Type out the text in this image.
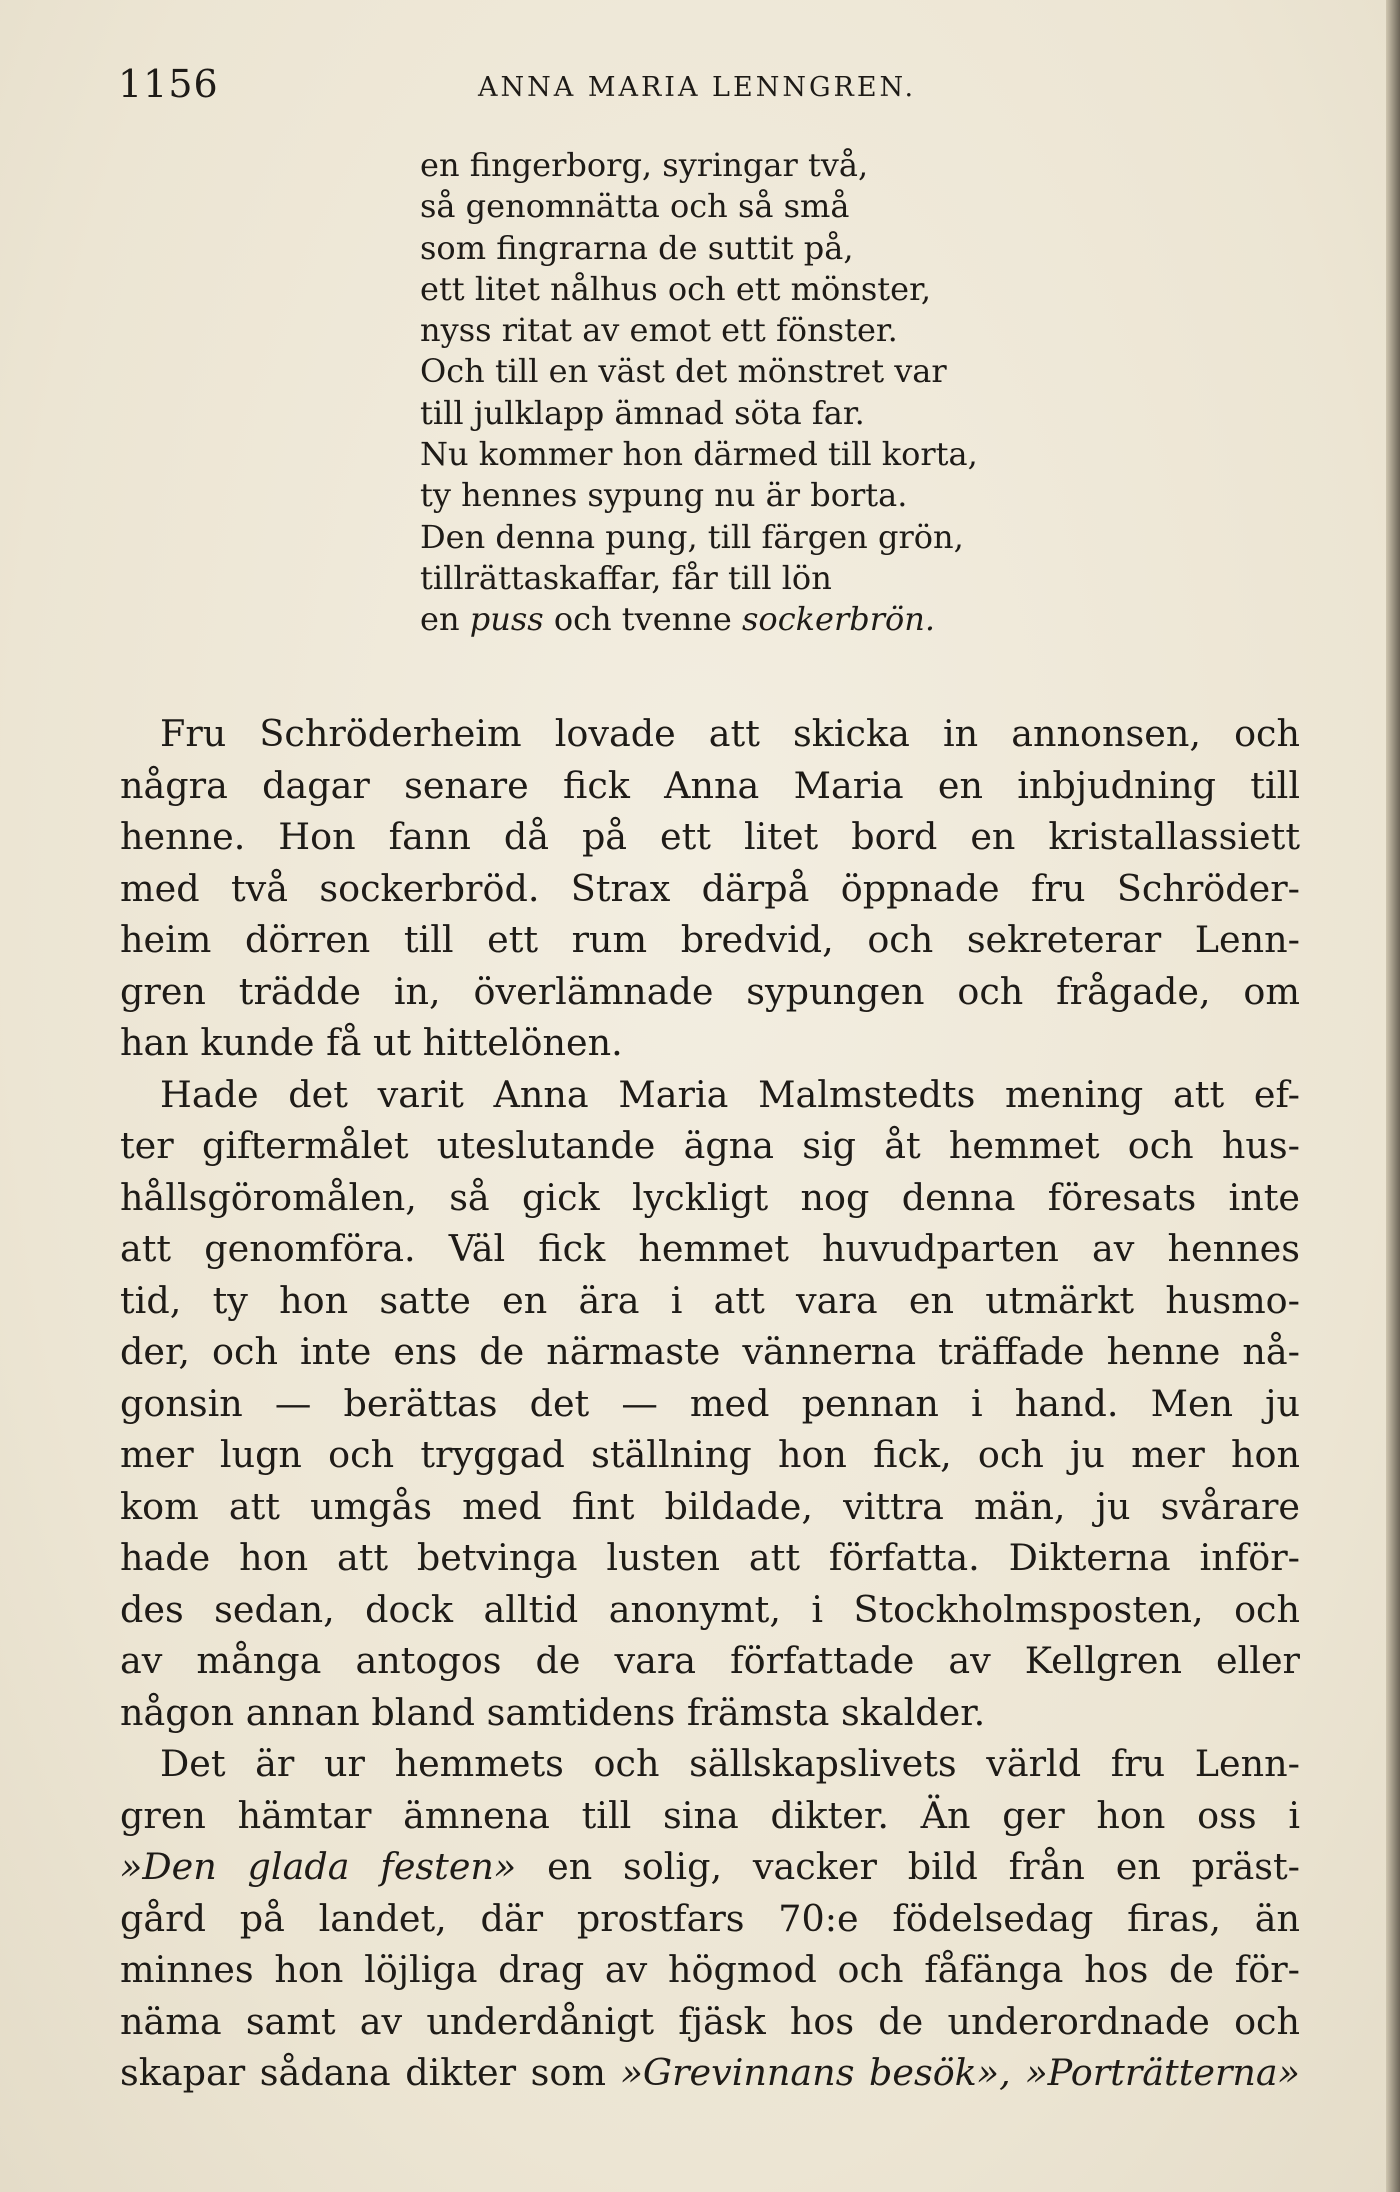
1156	ANNA MARIA LENNGREN.
en fingerborg, syringar två,
så genomnätta och så små
som fingrarna de suttit på,
ett litet nålhus och ett mönster,
nyss ritat av emot ett fönster.
Och till en väst det mönstret var
till julklapp ämnad söta far.
Nu kommer hon därmed till korta,
ty hennes sypung nu är borta.
Den denna pung, till färgen grön,
tillrättaskaffar, får till lön
en puss och tvenne sockerbrön.
Fru Schröderheim lovade att skicka in annonsen, och
några dagar senare fick Anna Maria en inbjudning till
henne. Hon fann då på ett litet bord en kristallassiett
med två sockerbröd. Strax därpå öppnade fru Schröder-
heim dörren till ett rum bredvid, och sekreterar Lenn-
gren trädde in, överlämnade sypungen och frågade, om
han kunde få ut hittelönen.
Hade det varit Anna Maria Malmstedts mening att ef-
ter giftermålet uteslutande ägna sig åt hemmet och hus-
hållsgöromålen, så gick lyckligt nog denna föresats inte
att genomföra. Väl fick hemmet huvudparten av hennes
tid, ty hon satte en ära i att vara en utmärkt husmo-
der, och inte ens de närmaste vännerna träffade henne nå-
gonsin — berättas det — med pennan i hand. Men ju
mer lugn och tryggad ställning hon fick, och ju mer hon
kom att umgås med fint bildade, vittra män, ju svårare
hade hon att betvinga lusten att författa. Dikterna inför-
des sedan, dock alltid anonymt, i Stockholmsposten, och
av många antogos de vara författade av Kellgren eller
någon annan bland samtidens främsta skalder.
Det är ur hemmets och sällskapslivets värld fru Lenn-
gren hämtar ämnena till sina dikter. Än ger hon oss i
»Den glada festen» en solig, vacker bild från en präst-
gård på landet, där prostfars 70:e födelsedag firas, än
minnes hon löjliga drag av högmod och fåfänga hos de för-
näma samt av underdånigt fjäsk hos de underordnade och
skapar sådana dikter som »Grevinnans besök», »Porträtterna»
